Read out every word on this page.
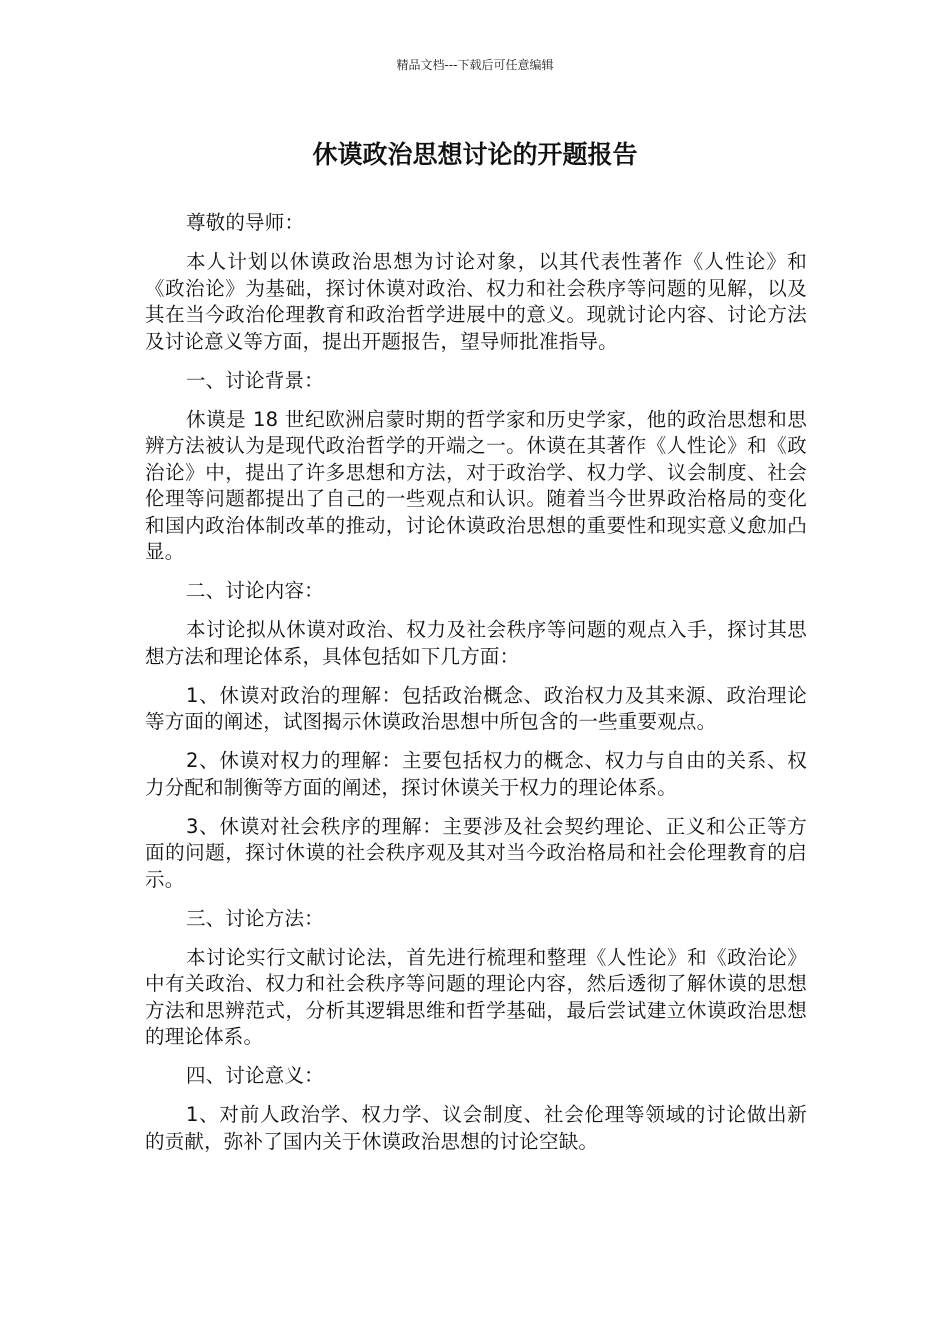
精品文档---下载后可任意编辑
休谟政治思想讨论的开题报告

尊敬的导师：

本人计划以休谟政治思想为讨论对象，以其代表性著作《人性论》和《政治论》为基础，探讨休谟对政治、权力和社会秩序等问题的见解，以及其在当今政治伦理教育和政治哲学进展中的意义。现就讨论内容、讨论方法及讨论意义等方面，提出开题报告，望导师批准指导。

一、讨论背景：

休谟是 18 世纪欧洲启蒙时期的哲学家和历史学家，他的政治思想和思辨方法被认为是现代政治哲学的开端之一。休谟在其著作《人性论》和《政治论》中，提出了许多思想和方法，对于政治学、权力学、议会制度、社会伦理等问题都提出了自己的一些观点和认识。随着当今世界政治格局的变化和国内政治体制改革的推动，讨论休谟政治思想的重要性和现实意义愈加凸显。

二、讨论内容：

本讨论拟从休谟对政治、权力及社会秩序等问题的观点入手，探讨其思想方法和理论体系，具体包括如下几方面：

1、休谟对政治的理解：包括政治概念、政治权力及其来源、政治理论等方面的阐述，试图揭示休谟政治思想中所包含的一些重要观点。

2、休谟对权力的理解：主要包括权力的概念、权力与自由的关系、权力分配和制衡等方面的阐述，探讨休谟关于权力的理论体系。

3、休谟对社会秩序的理解：主要涉及社会契约理论、正义和公正等方面的问题，探讨休谟的社会秩序观及其对当今政治格局和社会伦理教育的启示。

三、讨论方法：

本讨论实行文献讨论法，首先进行梳理和整理《人性论》和《政治论》中有关政治、权力和社会秩序等问题的理论内容，然后透彻了解休谟的思想方法和思辨范式，分析其逻辑思维和哲学基础，最后尝试建立休谟政治思想的理论体系。

四、讨论意义：

1、对前人政治学、权力学、议会制度、社会伦理等领域的讨论做出新的贡献，弥补了国内关于休谟政治思想的讨论空缺。
